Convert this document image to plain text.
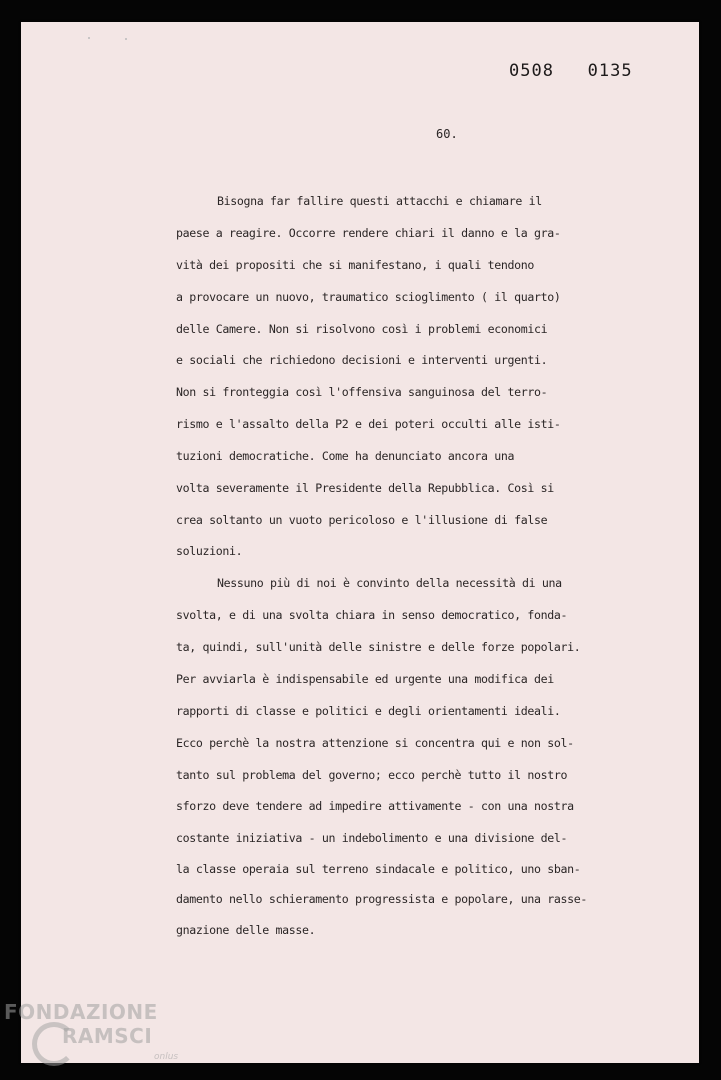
0508   0135
60.
Bisogna far fallire questi attacchi e chiamare il
paese a reagire. Occorre rendere chiari il danno e la gra-
vità dei propositi che si manifestano, i quali tendono
a provocare un nuovo, traumatico scioglimento ( il quarto)
delle Camere. Non si risolvono così i problemi economici
e sociali che richiedono decisioni e interventi urgenti.
Non si fronteggia così l'offensiva sanguinosa del terro-
rismo e l'assalto della P2 e dei poteri occulti alle isti-
tuzioni democratiche. Come ha denunciato ancora una
volta severamente il Presidente della Repubblica. Così si
crea soltanto un vuoto pericoloso e l'illusione di false
soluzioni.
Nessuno più di noi è convinto della necessità di una
svolta, e di una svolta chiara in senso democratico, fonda-
ta, quindi, sull'unità delle sinistre e delle forze popolari.
Per avviarla è indispensabile ed urgente una modifica dei
rapporti di classe e politici e degli orientamenti ideali.
Ecco perchè la nostra attenzione si concentra qui e non sol-
tanto sul problema del governo; ecco perchè tutto il nostro
sforzo deve tendere ad impedire attivamente - con una nostra
costante iniziativa - un indebolimento e una divisione del-
la classe operaia sul terreno sindacale e politico, uno sban-
damento nello schieramento progressista e popolare, una rasse-
gnazione delle masse.
FONDAZIONE
RAMSCI
onlus
